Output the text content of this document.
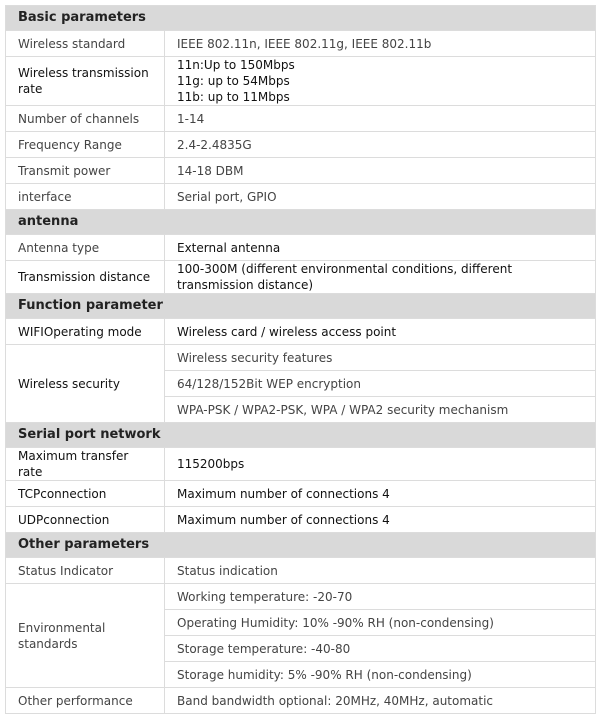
Basic parameters	
Wireless standard	IEEE 802.11n, IEEE 802.11g, IEEE 802.11b
Wireless transmission rate	11n:Up to 150Mbps
11g: up to 54Mbps
11b: up to 11Mbps

Number of channels	1-14
Frequency Range	2.4-2.4835G
Transmit power	14-18 DBM
interface	Serial port, GPIO
antenna	
Antenna type	External antenna
Transmission distance	100-300M (different environmental conditions, different transmission distance)
Function parameter	
WIFIOperating mode	Wireless card / wireless access point
Wireless security	Wireless security features
	64/128/152Bit WEP encryption
	WPA-PSK / WPA2-PSK, WPA / WPA2 security mechanism
Serial port network	
Maximum transfer rate	115200bps
TCPconnection	Maximum number of connections 4
UDPconnection	Maximum number of connections 4
Other parameters	
Status Indicator	Status indication
Environmental standards	Working temperature: -20-70
	Operating Humidity: 10% -90% RH (non-condensing)
	Storage temperature: -40-80
	Storage humidity: 5% -90% RH (non-condensing)
Other performance	Band bandwidth optional: 20MHz, 40MHz, automatic
